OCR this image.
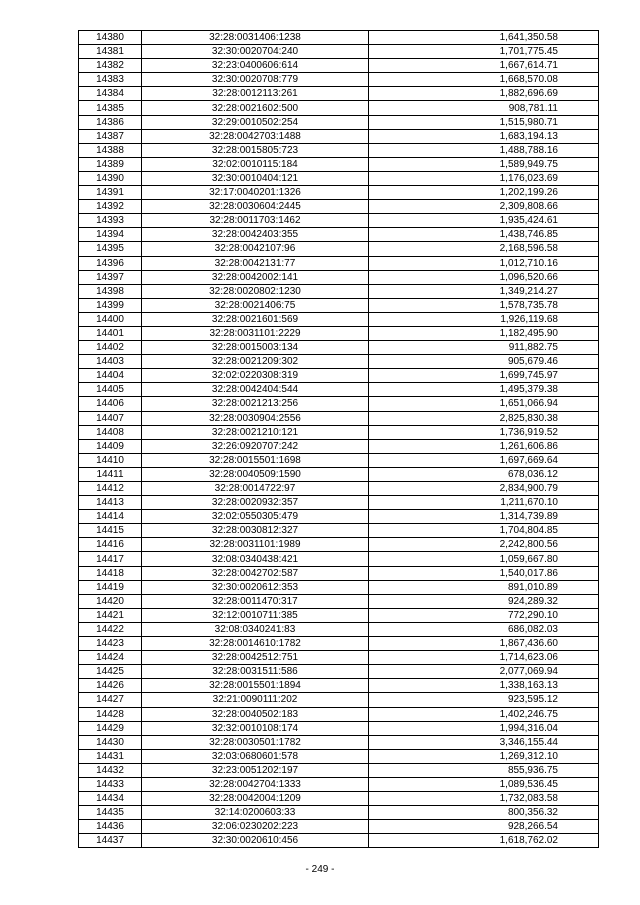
14380	32:28:0031406:1238	1,641,350.58
14381	32:30:0020704:240	1,701,775.45
14382	32:23:0400606:614	1,667,614.71
14383	32:30:0020708:779	1,668,570.08
14384	32:28:0012113:261	1,882,696.69
14385	32:28:0021602:500	908,781.11
14386	32:29:0010502:254	1,515,980.71
14387	32:28:0042703:1488	1,683,194.13
14388	32:28:0015805:723	1,488,788.16
14389	32:02:0010115:184	1,589,949.75
14390	32:30:0010404:121	1,176,023.69
14391	32:17:0040201:1326	1,202,199.26
14392	32:28:0030604:2445	2,309,808.66
14393	32:28:0011703:1462	1,935,424.61
14394	32:28:0042403:355	1,438,746.85
14395	32:28:0042107:96	2,168,596.58
14396	32:28:0042131:77	1,012,710.16
14397	32:28:0042002:141	1,096,520.66
14398	32:28:0020802:1230	1,349,214.27
14399	32:28:0021406:75	1,578,735.78
14400	32:28:0021601:569	1,926,119.68
14401	32:28:0031101:2229	1,182,495.90
14402	32:28:0015003:134	911,882.75
14403	32:28:0021209:302	905,679.46
14404	32:02:0220308:319	1,699,745.97
14405	32:28:0042404:544	1,495,379.38
14406	32:28:0021213:256	1,651,066.94
14407	32:28:0030904:2556	2,825,830.38
14408	32:28:0021210:121	1,736,919.52
14409	32:26:0920707:242	1,261,606.86
14410	32:28:0015501:1698	1,697,669.64
14411	32:28:0040509:1590	678,036.12
14412	32:28:0014722:97	2,834,900.79
14413	32:28:0020932:357	1,211,670.10
14414	32:02:0550305:479	1,314,739.89
14415	32:28:0030812:327	1,704,804.85
14416	32:28:0031101:1989	2,242,800.56
14417	32:08:0340438:421	1,059,667.80
14418	32:28:0042702:587	1,540,017.86
14419	32:30:0020612:353	891,010.89
14420	32:28:0011470:317	924,289.32
14421	32:12:0010711:385	772,290.10
14422	32:08:0340241:83	686,082.03
14423	32:28:0014610:1782	1,867,436.60
14424	32:28:0042512:751	1,714,623.06
14425	32:28:0031511:586	2,077,069.94
14426	32:28:0015501:1894	1,338,163.13
14427	32:21:0090111:202	923,595.12
14428	32:28:0040502:183	1,402,246.75
14429	32:32:0010108:174	1,994,316.04
14430	32:28:0030501:1782	3,346,155.44
14431	32:03:0680601:578	1,269,312.10
14432	32:23:0051202:197	855,936.75
14433	32:28:0042704:1333	1,089,536.45
14434	32:28:0042004:1209	1,732,083.58
14435	32:14:0200603:33	800,356.32
14436	32:06:0230202:223	928,266.54
14437	32:30:0020610:456	1,618,762.02
- 249 -
